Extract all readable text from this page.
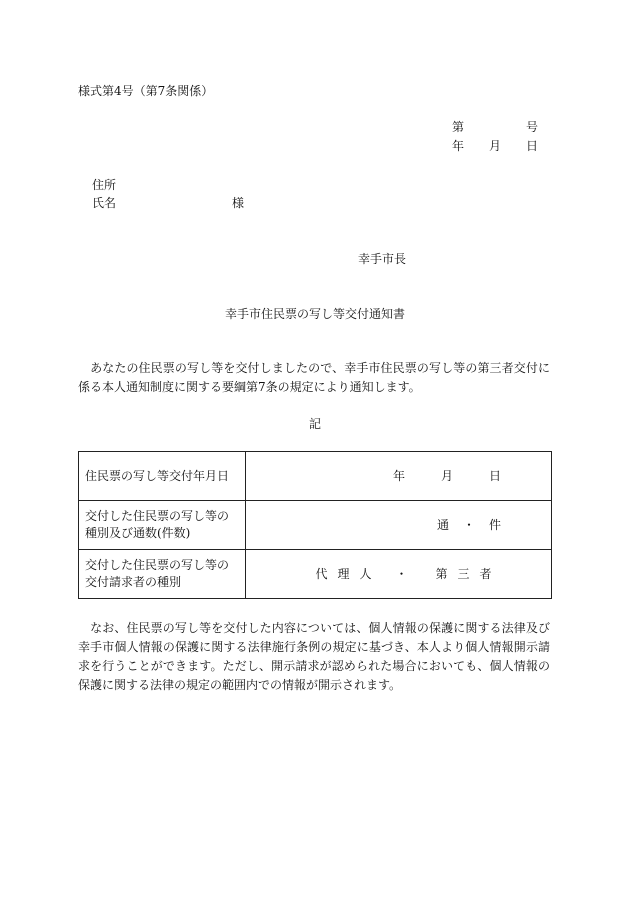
様式第4号（第7条関係）
第	号
年 月 日
住所
氏名	様
幸手市長
幸手市住民票の写し等交付通知書
あなたの住民票の写し等を交付しましたので、幸手市住民票の写し等の第三者交付に係る本人通知制度に関する要綱第7条の規定により通知します。
記
住民票の写し等交付年月日	年 月 日
交付した住民票の写し等の
種別及び通数(件数)	通 ・ 件
交付した住民票の写し等の
交付請求者の種別	代理人 ・ 第三者
なお、住民票の写し等を交付した内容については、個人情報の保護に関する法律及び幸手市個人情報の保護に関する法律施行条例の規定に基づき、本人より個人情報開示請求を行うことができます。ただし、開示請求が認められた場合においても、個人情報の保護に関する法律の規定の範囲内での情報が開示されます。
